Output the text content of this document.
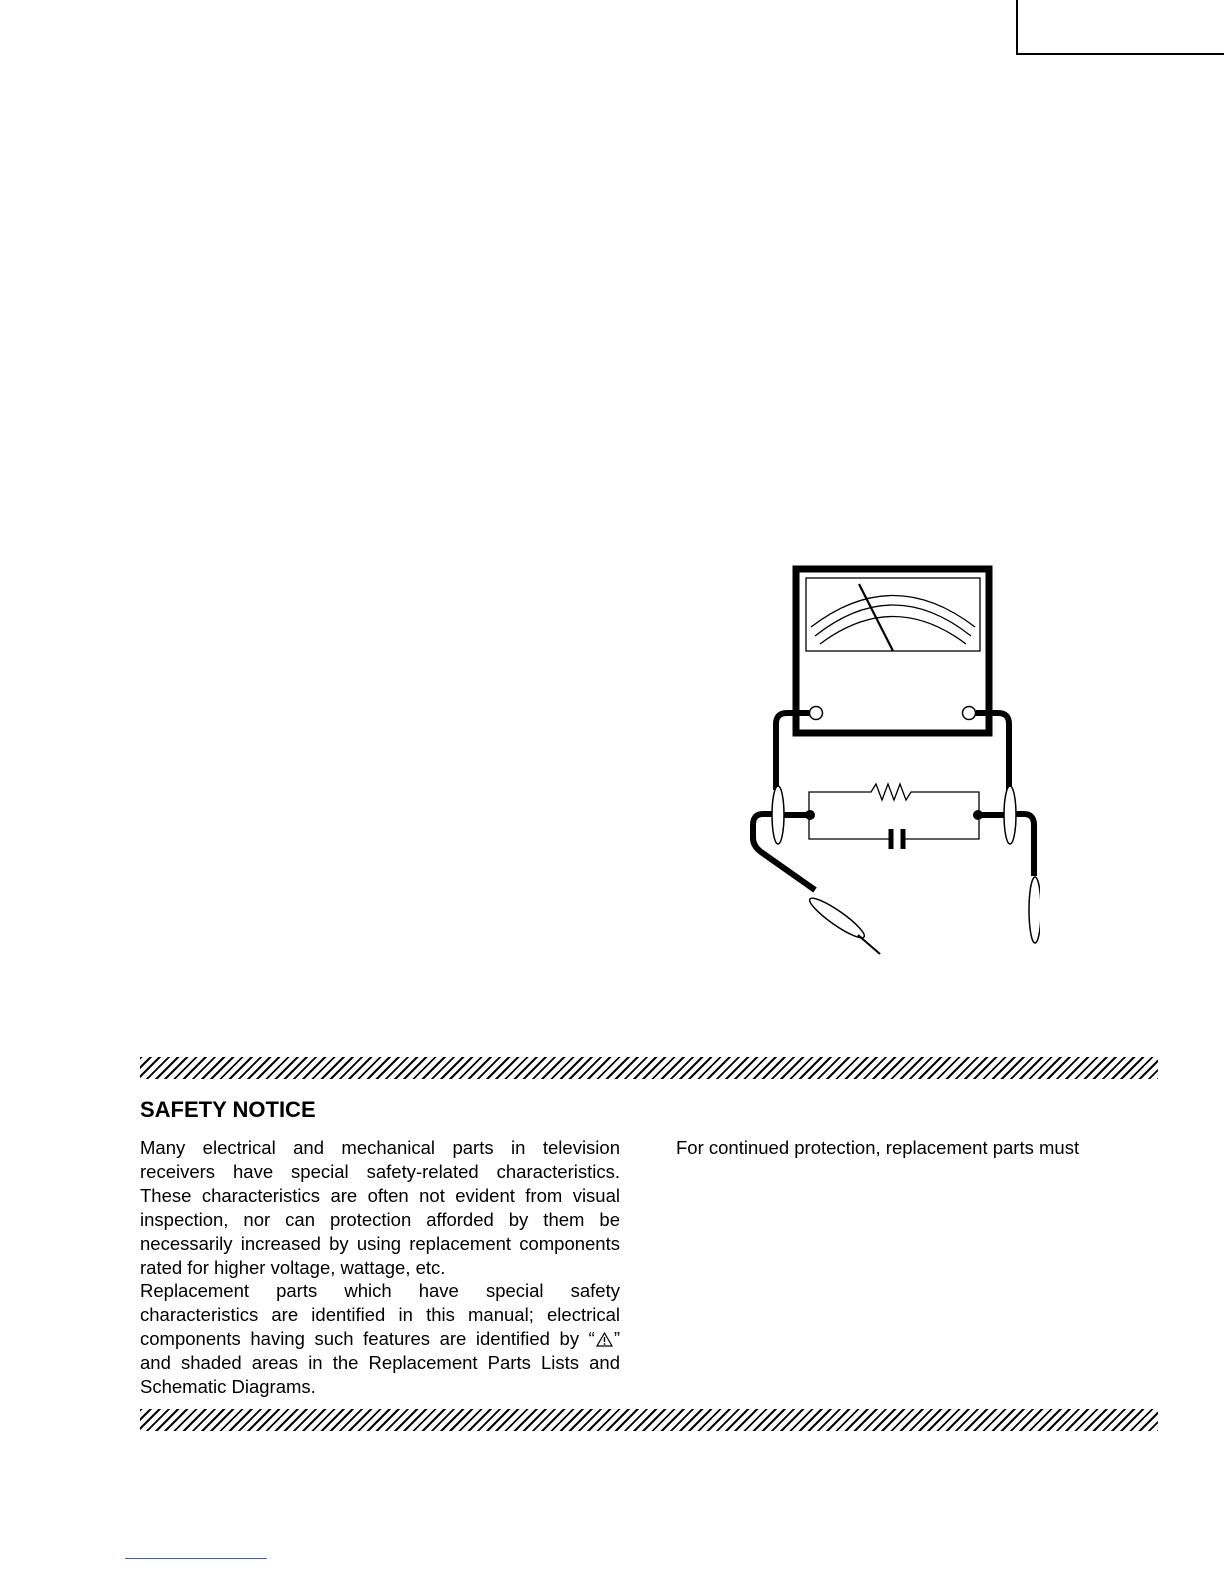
SAFETY NOTICE

Many electrical and mechanical parts in television receivers have special safety-related characteristics. These characteristics are often not evident from visual inspection, nor can protection afforded by them be necessarily increased by using replacement components rated for higher voltage, wattage, etc.

Replacement parts which have special safety characteristics are identified in this manual; electrical components having such features are identified by “ ” and shaded areas in the Replacement Parts Lists and Schematic Diagrams.

For continued protection, replacement parts must
